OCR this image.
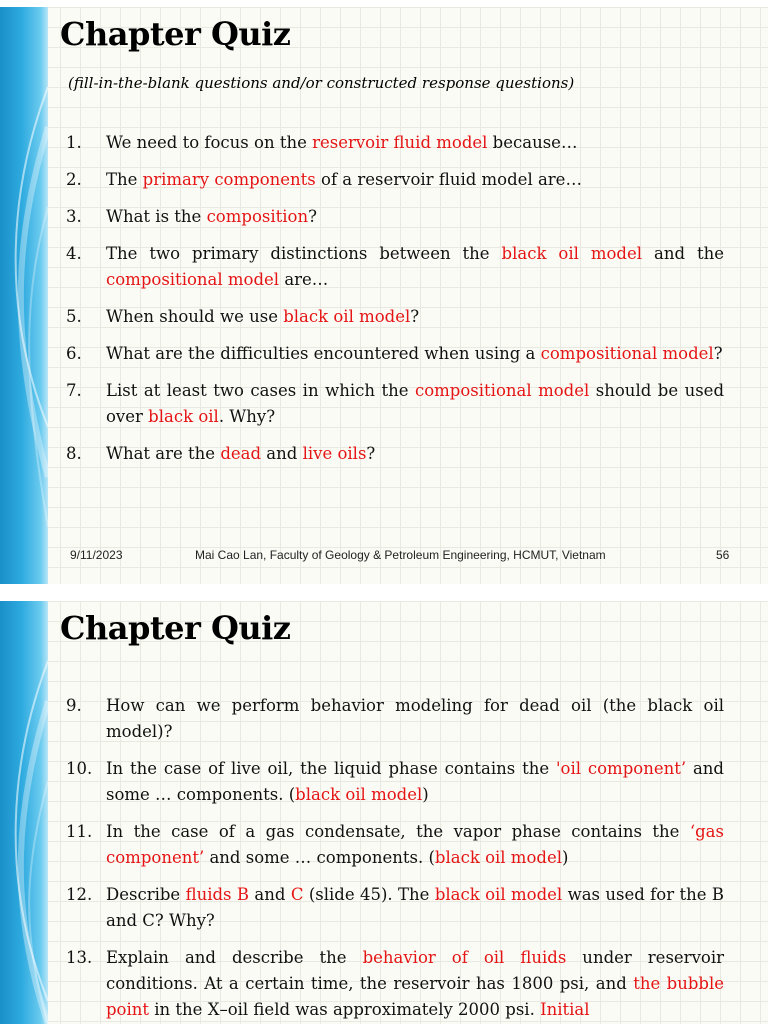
Chapter Quiz
(fill-in-the-blank questions and/or constructed response questions)
1. We need to focus on the reservoir fluid model because…
2. The primary components of a reservoir fluid model are…
3. What is the composition?
4. The two primary distinctions between the black oil model and the compositional model are…
5. When should we use black oil model?
6. What are the difficulties encountered when using a compositional model?
7. List at least two cases in which the compositional model should be used over black oil. Why?
8. What are the dead and live oils?
9/11/2023	Mai Cao Lan, Faculty of Geology & Petroleum Engineering, HCMUT, Vietnam	56
Chapter Quiz
9. How can we perform behavior modeling for dead oil (the black oil model)?
10. In the case of live oil, the liquid phase contains the 'oil component’ and some … components. (black oil model)
11. In the case of a gas condensate, the vapor phase contains the ‘gas component’ and some … components. (black oil model)
12. Describe fluids B and C (slide 45). The black oil model was used for the B and C? Why?
13. Explain and describe the behavior of oil fluids under reservoir conditions. At a certain time, the reservoir has 1800 psi, and the bubble point in the X–oil field was approximately 2000 psi. Initial
